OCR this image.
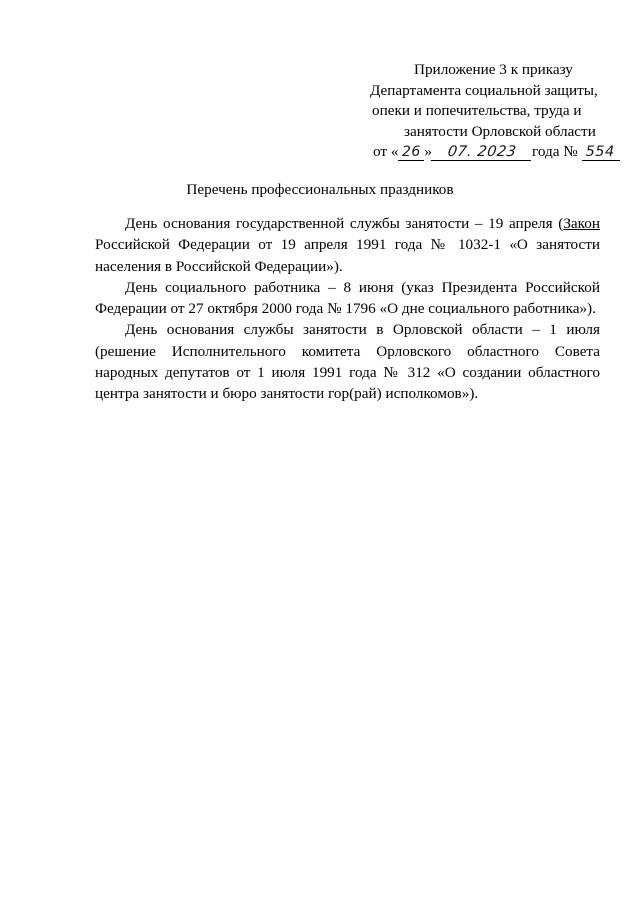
Приложение 3 к приказу
Департамента социальной защиты,
опеки и попечительства, труда и
занятости Орловской области
от « 26 » 07. 2023 года № 554
Перечень профессиональных праздников

День основания государственной службы занятости – 19 апреля (Закон Российской Федерации от 19 апреля 1991 года № 1032-1 «О занятости населения в Российской Федерации»).

День социального работника – 8 июня (указ Президента Российской Федерации от 27 октября 2000 года № 1796 «О дне социального работника»).

День основания службы занятости в Орловской области – 1 июля (решение Исполнительного комитета Орловского областного Совета народных депутатов от 1 июля 1991 года № 312 «О создании областного центра занятости и бюро занятости гор(рай) исполкомов»).
